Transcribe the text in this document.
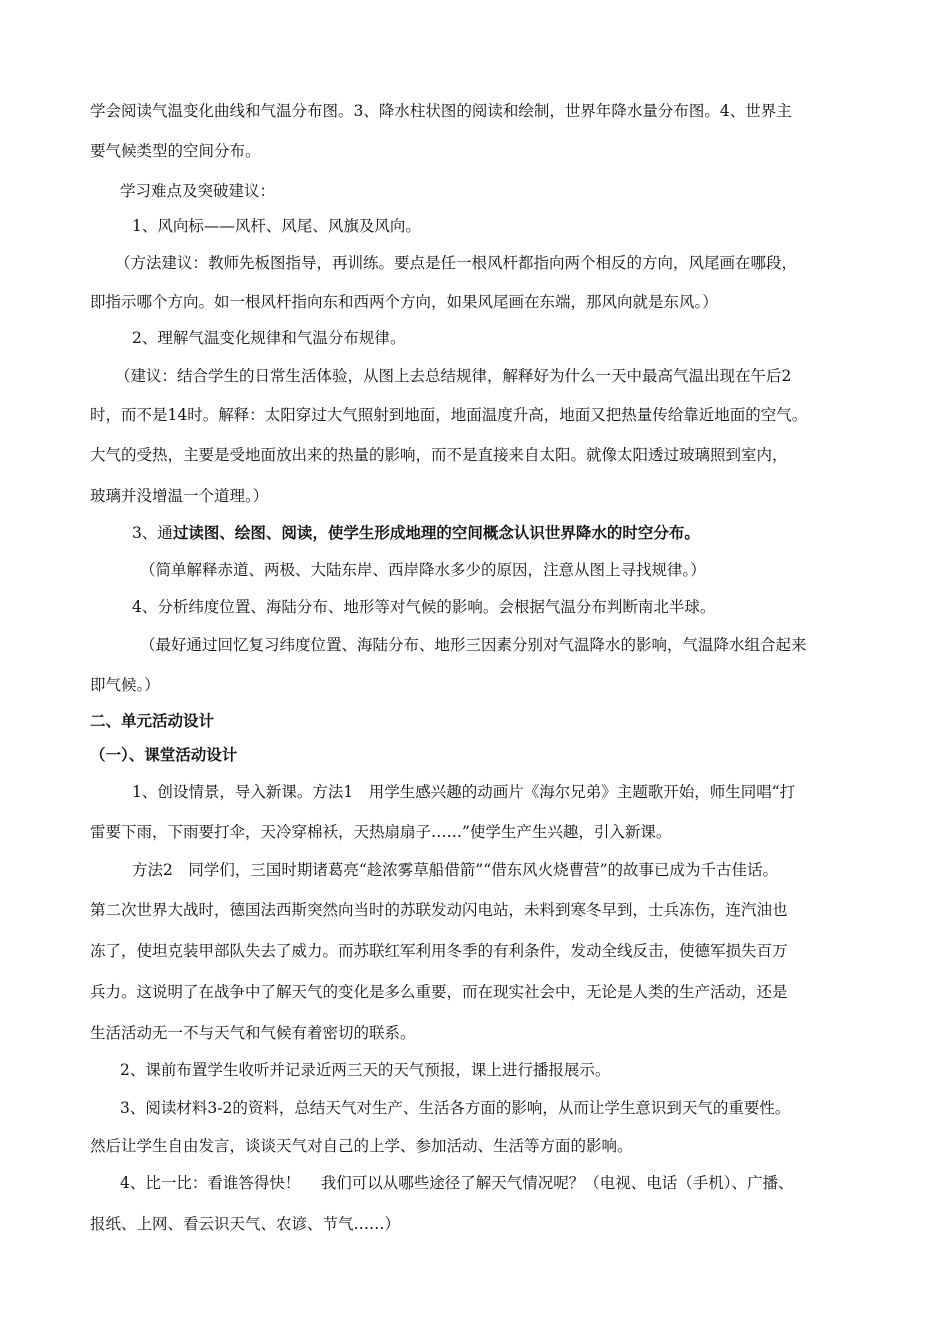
学会阅读气温变化曲线和气温分布图。3、降水柱状图的阅读和绘制，世界年降水量分布图。4、世界主
要气候类型的空间分布。
学习难点及突破建议：
1、风向标——风杆、风尾、风旗及风向。
（方法建议：教师先板图指导，再训练。要点是任一根风杆都指向两个相反的方向，风尾画在哪段，
即指示哪个方向。如一根风杆指向东和西两个方向，如果风尾画在东端，那风向就是东风。）
2、理解气温变化规律和气温分布规律。
（建议：结合学生的日常生活体验，从图上去总结规律，解释好为什么一天中最高气温出现在午后2
时，而不是14时。解释：太阳穿过大气照射到地面，地面温度升高，地面又把热量传给靠近地面的空气。
大气的受热，主要是受地面放出来的热量的影响，而不是直接来自太阳。就像太阳透过玻璃照到室内，
玻璃并没增温一个道理。）
3、通过读图、绘图、阅读，使学生形成地理的空间概念认识世界降水的时空分布。
（简单解释赤道、两极、大陆东岸、西岸降水多少的原因，注意从图上寻找规律。）
4、分析纬度位置、海陆分布、地形等对气候的影响。会根据气温分布判断南北半球。
（最好通过回忆复习纬度位置、海陆分布、地形三因素分别对气温降水的影响，气温降水组合起来
即气候。）
二、单元活动设计
（一）、课堂活动设计
1、创设情景，导入新课。方法1　用学生感兴趣的动画片《海尔兄弟》主题歌开始，师生同唱“打
雷要下雨，下雨要打伞，天冷穿棉袄，天热扇扇子……”使学生产生兴趣，引入新课。
方法2　同学们，三国时期诸葛亮“趁浓雾草船借箭”“借东风火烧曹营”的故事已成为千古佳话。
第二次世界大战时，德国法西斯突然向当时的苏联发动闪电站，未料到寒冬早到，士兵冻伤，连汽油也
冻了，使坦克装甲部队失去了威力。而苏联红军利用冬季的有利条件，发动全线反击，使德军损失百万
兵力。这说明了在战争中了解天气的变化是多么重要，而在现实社会中，无论是人类的生产活动，还是
生活活动无一不与天气和气候有着密切的联系。
2、课前布置学生收听并记录近两三天的天气预报，课上进行播报展示。
3、阅读材料3-2的资料，总结天气对生产、生活各方面的影响，从而让学生意识到天气的重要性。
然后让学生自由发言，谈谈天气对自己的上学、参加活动、生活等方面的影响。
4、比一比：看谁答得快！　 我们可以从哪些途径了解天气情况呢？（电视、电话（手机）、广播、
报纸、上网、看云识天气、农谚、节气……）
